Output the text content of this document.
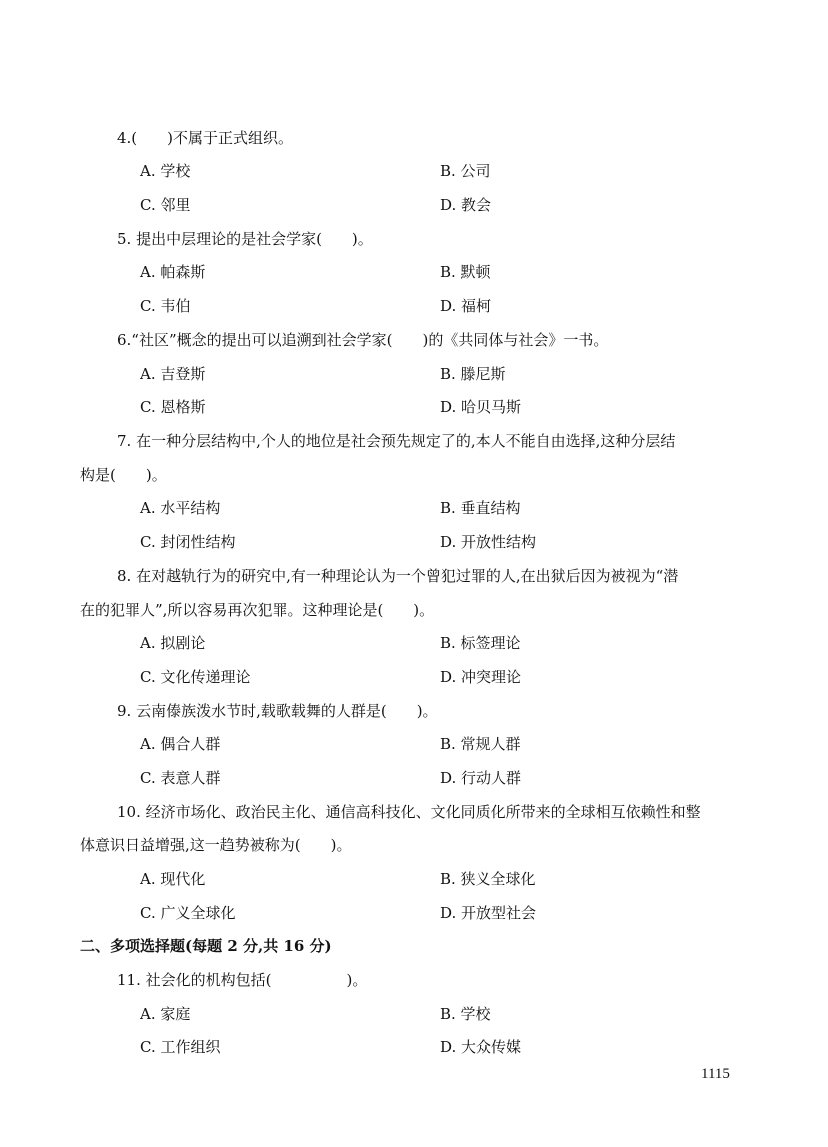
4.(　　)不属于正式组织。
A. 学校	B. 公司
C. 邻里	D. 教会
5. 提出中层理论的是社会学家(　　)。
A. 帕森斯	B. 默顿
C. 韦伯	D. 福柯
6.“社区”概念的提出可以追溯到社会学家(　　)的《共同体与社会》一书。
A. 吉登斯	B. 滕尼斯
C. 恩格斯	D. 哈贝马斯
7. 在一种分层结构中,个人的地位是社会预先规定了的,本人不能自由选择,这种分层结
构是(　　)。
A. 水平结构	B. 垂直结构
C. 封闭性结构	D. 开放性结构
8. 在对越轨行为的研究中,有一种理论认为一个曾犯过罪的人,在出狱后因为被视为“潜
在的犯罪人”,所以容易再次犯罪。这种理论是(　　)。
A. 拟剧论	B. 标签理论
C. 文化传递理论	D. 冲突理论
9. 云南傣族泼水节时,载歌载舞的人群是(　　)。
A. 偶合人群	B. 常规人群
C. 表意人群	D. 行动人群
10. 经济市场化、政治民主化、通信高科技化、文化同质化所带来的全球相互依赖性和整
体意识日益增强,这一趋势被称为(　　)。
A. 现代化	B. 狭义全球化
C. 广义全球化	D. 开放型社会
二、多项选择题(每题 2 分,共 16 分)
11. 社会化的机构包括(　　　　　)。
A. 家庭	B. 学校
C. 工作组织	D. 大众传媒
1115
